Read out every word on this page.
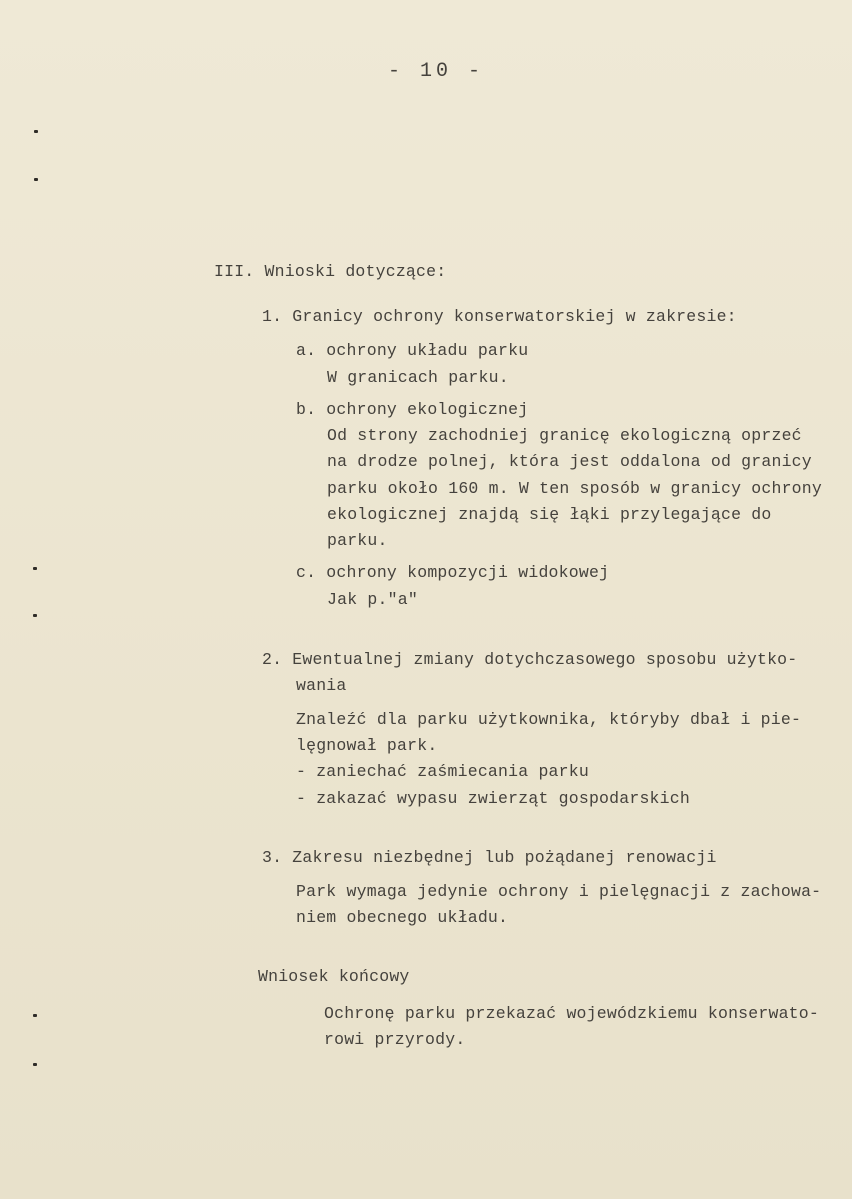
- 10 -
III. Wnioski dotyczące:
1. Granicy ochrony konserwatorskiej w zakresie:
a. ochrony układu parku
W granicach parku.
b. ochrony ekologicznej
Od strony zachodniej granicę ekologiczną oprzeć
na drodze polnej, która jest oddalona od granicy
parku około 160 m. W ten sposób w granicy ochrony
ekologicznej znajdą się łąki przylegające do
parku.
c. ochrony kompozycji widokowej
Jak p."a"
2. Ewentualnej zmiany dotychczasowego sposobu użytko-
wania
Znaleźć dla parku użytkownika, któryby dbał i pie-
lęgnował park.
- zaniechać zaśmiecania parku
- zakazać wypasu zwierząt gospodarskich
3. Zakresu niezbędnej lub pożądanej renowacji
Park wymaga jedynie ochrony i pielęgnacji z zachowa-
niem obecnego układu.
Wniosek końcowy
Ochronę parku przekazać wojewódzkiemu konserwato-
rowi przyrody.
